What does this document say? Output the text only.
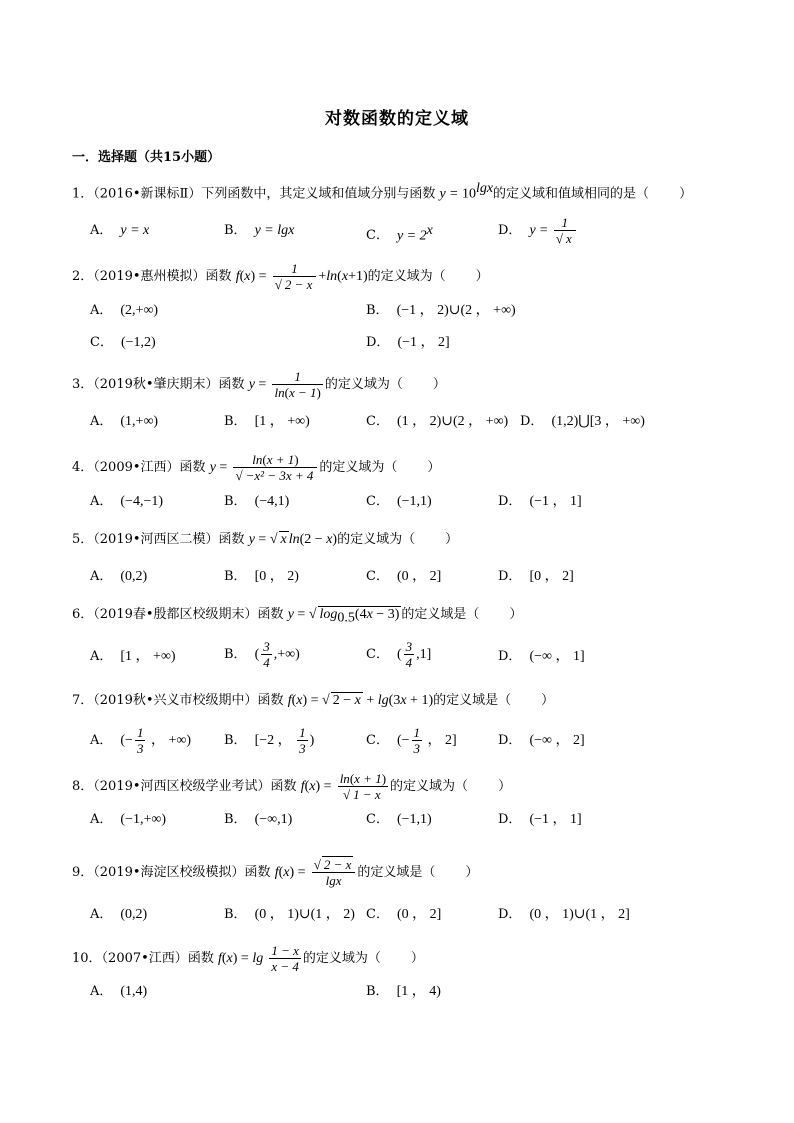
对数函数的定义域
一．选择题（共15小题）
1．（2016•新课标Ⅱ）下列函数中，其定义域和值域分别与函数 $y = 10^{lgx}$的定义域和值域相同的是（ ）
A． y = x	B． y = lgx	C． $y = 2^x$	D． $y = \frac{1}{√ x}$
2．（2019•惠州模拟）函数 $f(x) = \frac{1}{√ 2 - x} +\ln(x+1)$的定义域为（ ）
A． (2,+∞)	B． (−1 ， 2)∪(2 ， +∞)
C． (−1,2)	D． (−1 ， 2]
3．（2019秋•肇庆期末）函数 $y = \frac{1}{\ln(x - 1)}$ 的定义域为（ ）
A． (1,+∞)	B． [1 ， +∞)	C． (1 ， 2)∪(2 ， +∞) D． (1,2)⋃[3 ， +∞)
4．（2009•江西）函数 $y = \frac{\ln(x + 1)}{\text{√ −x² − 3x + 4}}$ 的定义域为（ ）
A． (−4,−1)	B． (−4,1)	C． (−1,1)	D． (−1 ， 1]
5．（2019•河西区二模）函数 y = √ x ln(2 − x)的定义域为（ ）
A． (0,2)	B． [0 ， 2)	C． (0 ， 2]	D． [0 ， 2]
6．（2019春•殷都区校级期末）函数 y = √ $\log_{0.5}(4x - 3)$ 的定义域是（ ）
A． [1 ， +∞)	B． ( $\frac{3}{4}$ ,+∞)	C． ( $\frac{3}{4} ,1$]	D． (−∞ ， 1]
7．（2019秋•兴义市校级期中）函数 f(x) = √ 2 − x + lg(3x + 1)的定义域是（ ）
A． (− $\frac{1}{3}$ ， +∞)	B． [−2 ， $\frac{1}{3}$ )	C． (− $\frac{1}{3}$ ， 2]	D． (−∞ ， 2]
8．（2019•河西区校级学业考试）函数 $f(x) = \frac{\ln(x + 1)}{√ 1 - x}$ 的定义域为（ ）
A． (−1,+∞)	B． (−∞,1)	C． (−1,1)	D． (−1 ， 1]
9．（2019•海淀区校级模拟）函数 $f(x) = \frac{√ 2 - x}{\lg x}$ 的定义域是（ ）
A． (0,2)	B． (0 ， 1)∪(1 ， 2) C． (0 ， 2]	D． (0 ， 1)∪(1 ， 2]
10．（2007•江西）函数 $f(x) = \lg \frac{1 - x}{x - 4}$ 的定义域为（ ）
A． (1,4)	B． [1 ， 4)
